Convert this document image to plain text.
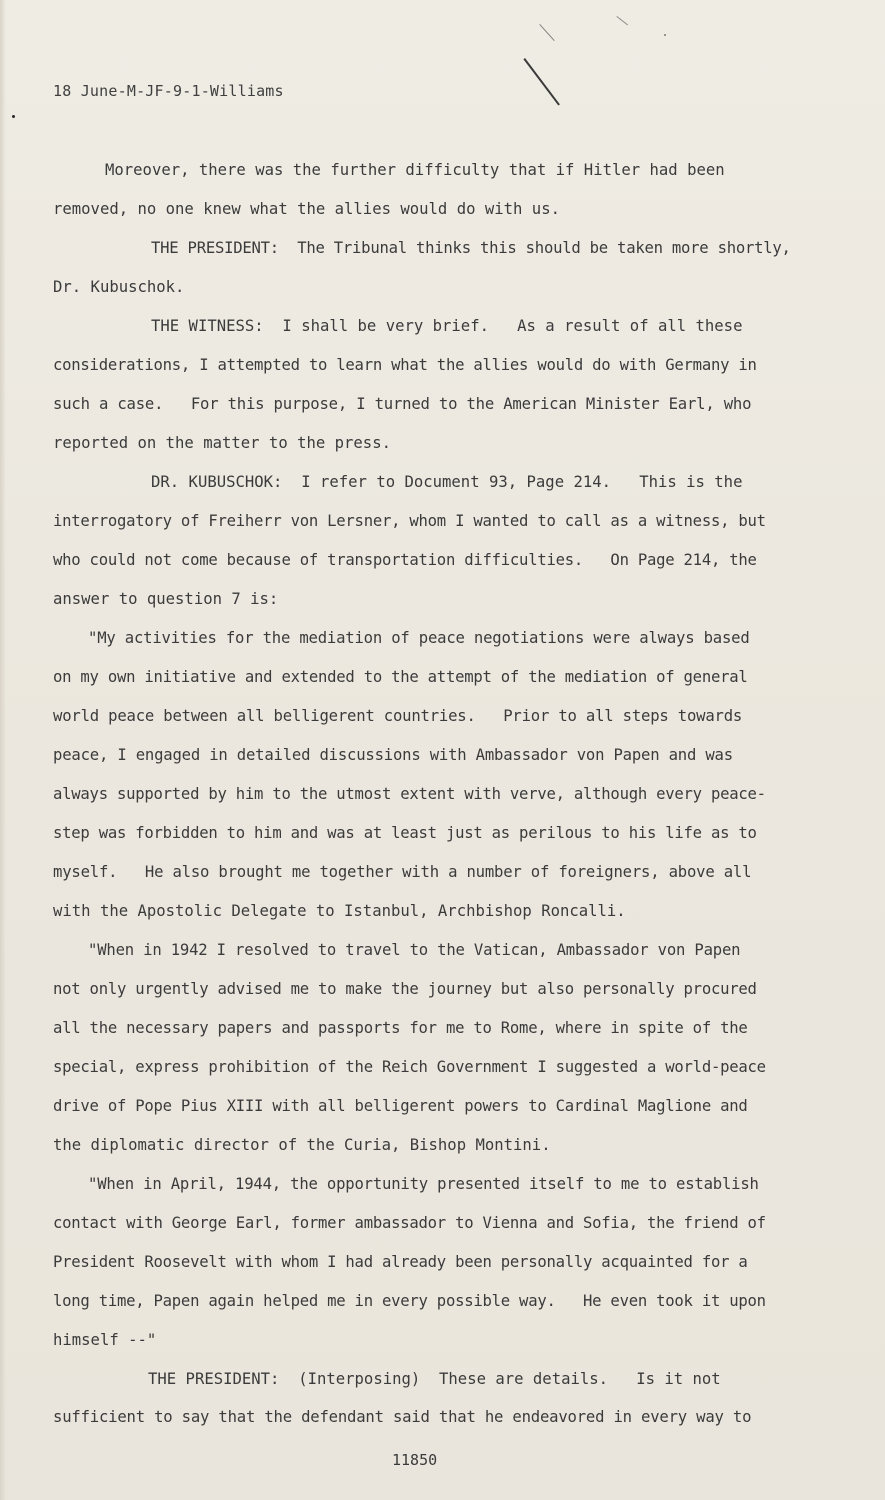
18 June-M-JF-9-1-Williams
Moreover, there was the further difficulty that if Hitler had been
removed, no one knew what the allies would do with us.
THE PRESIDENT:  The Tribunal thinks this should be taken more shortly,
Dr. Kubuschok.
THE WITNESS:  I shall be very brief.   As a result of all these
considerations, I attempted to learn what the allies would do with Germany in
such a case.   For this purpose, I turned to the American Minister Earl, who
reported on the matter to the press.
DR. KUBUSCHOK:  I refer to Document 93, Page 214.   This is the
interrogatory of Freiherr von Lersner, whom I wanted to call as a witness, but
who could not come because of transportation difficulties.   On Page 214, the
answer to question 7 is:
"My activities for the mediation of peace negotiations were always based
on my own initiative and extended to the attempt of the mediation of general
world peace between all belligerent countries.   Prior to all steps towards
peace, I engaged in detailed discussions with Ambassador von Papen and was
always supported by him to the utmost extent with verve, although every peace-
step was forbidden to him and was at least just as perilous to his life as to
myself.   He also brought me together with a number of foreigners, above all
with the Apostolic Delegate to Istanbul, Archbishop Roncalli.
"When in 1942 I resolved to travel to the Vatican, Ambassador von Papen
not only urgently advised me to make the journey but also personally procured
all the necessary papers and passports for me to Rome, where in spite of the
special, express prohibition of the Reich Government I suggested a world-peace
drive of Pope Pius XIII with all belligerent powers to Cardinal Maglione and
the diplomatic director of the Curia, Bishop Montini.
"When in April, 1944, the opportunity presented itself to me to establish
contact with George Earl, former ambassador to Vienna and Sofia, the friend of
President Roosevelt with whom I had already been personally acquainted for a
long time, Papen again helped me in every possible way.   He even took it upon
himself --"
THE PRESIDENT:  (Interposing)  These are details.   Is it not
sufficient to say that the defendant said that he endeavored in every way to
11850
